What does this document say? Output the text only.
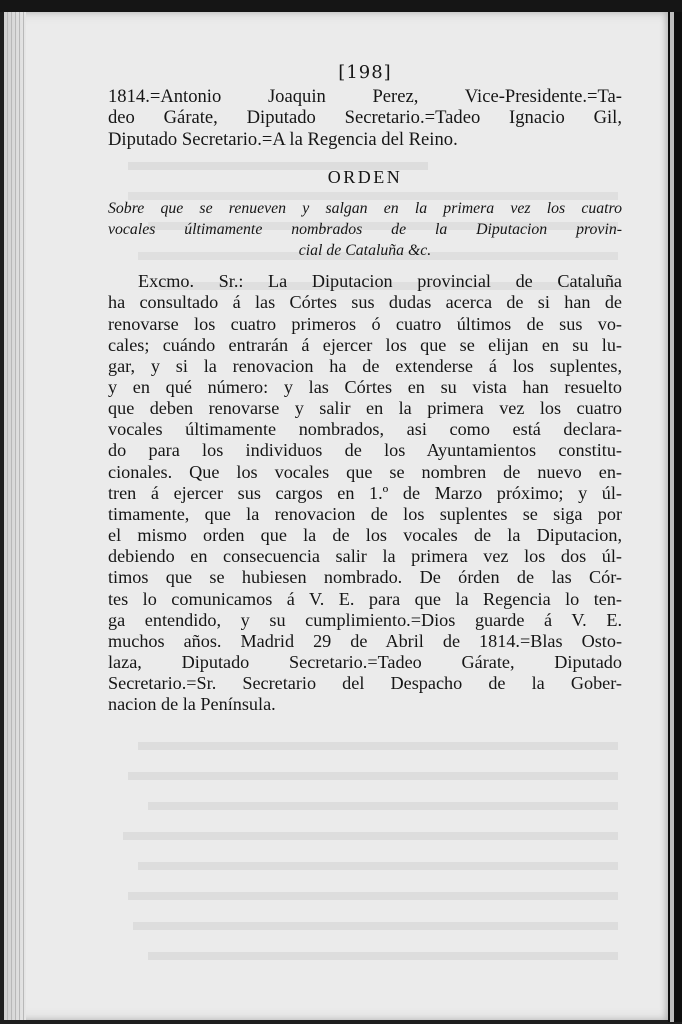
[198]
1814.=Antonio Joaquin Perez, Vice-Presidente.=Ta-
deo Gárate, Diputado Secretario.=Tadeo Ignacio Gil,
Diputado Secretario.=A la Regencia del Reino.
ORDEN
Sobre que se renueven y salgan en la primera vez los cuatro
vocales últimamente nombrados de la Diputacion provin-
cial de Cataluña &c.
Excmo. Sr.: La Diputacion provincial de Cataluña
ha consultado á las Córtes sus dudas acerca de si han de
renovarse los cuatro primeros ó cuatro últimos de sus vo-
cales; cuándo entrarán á ejercer los que se elijan en su lu-
gar, y si la renovacion ha de extenderse á los suplentes,
y en qué número: y las Córtes en su vista han resuelto
que deben renovarse y salir en la primera vez los cuatro
vocales últimamente nombrados, asi como está declara-
do para los individuos de los Ayuntamientos constitu-
cionales. Que los vocales que se nombren de nuevo en-
tren á ejercer sus cargos en 1.º de Marzo próximo; y úl-
timamente, que la renovacion de los suplentes se siga por
el mismo orden que la de los vocales de la Diputacion,
debiendo en consecuencia salir la primera vez los dos úl-
timos que se hubiesen nombrado. De órden de las Cór-
tes lo comunicamos á V. E. para que la Regencia lo ten-
ga entendido, y su cumplimiento.=Dios guarde á V. E.
muchos años. Madrid 29 de Abril de 1814.=Blas Osto-
laza, Diputado Secretario.=Tadeo Gárate, Diputado
Secretario.=Sr. Secretario del Despacho de la Gober-
nacion de la Península.
